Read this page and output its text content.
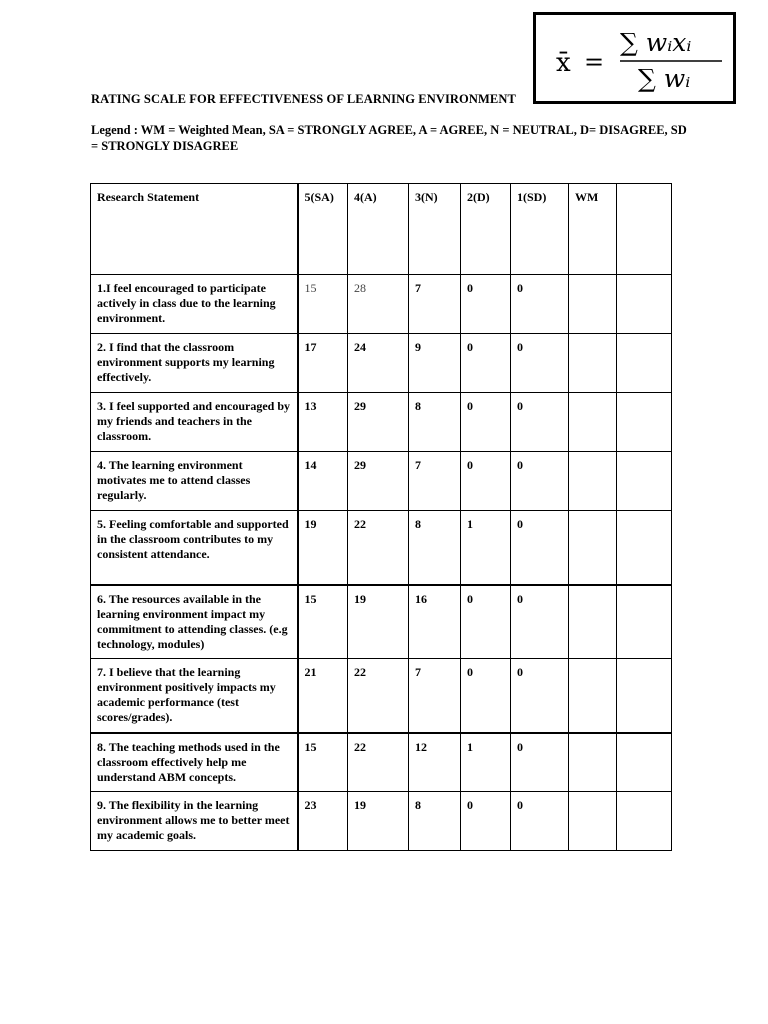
x̄ =
∑ wᵢxᵢ
∑ wᵢ
RATING SCALE FOR EFFECTIVENESS OF LEARNING ENVIRONMENT
Legend : WM = Weighted Mean, SA = STRONGLY AGREE, A = AGREE, N = NEUTRAL, D= DISAGREE, SD = STRONGLY DISAGREE
Research Statement	5(SA)	4(A)	3(N)	2(D)	1(SD)	WM	
1.I feel encouraged to participate actively in class due to the learning environment.	15	28	7	0	0		
2. I find that the classroom environment supports my learning effectively.	17	24	9	0	0		
3. I feel supported and encouraged by my friends and teachers in the classroom.	13	29	8	0	0		
4. The learning environment motivates me to attend classes regularly.	14	29	7	0	0		
5. Feeling comfortable and supported in the classroom contributes to my consistent attendance.	19	22	8	1	0		
6. The resources available in the learning environment impact my commitment to attending classes. (e.g technology, modules)	15	19	16	0	0		
7. I believe that the learning environment positively impacts my academic performance (test scores/grades).	21	22	7	0	0		
8. The teaching methods used in the classroom effectively help me understand ABM concepts.	15	22	12	1	0		
9. The flexibility in the learning environment allows me to better meet my academic goals.	23	19	8	0	0		
